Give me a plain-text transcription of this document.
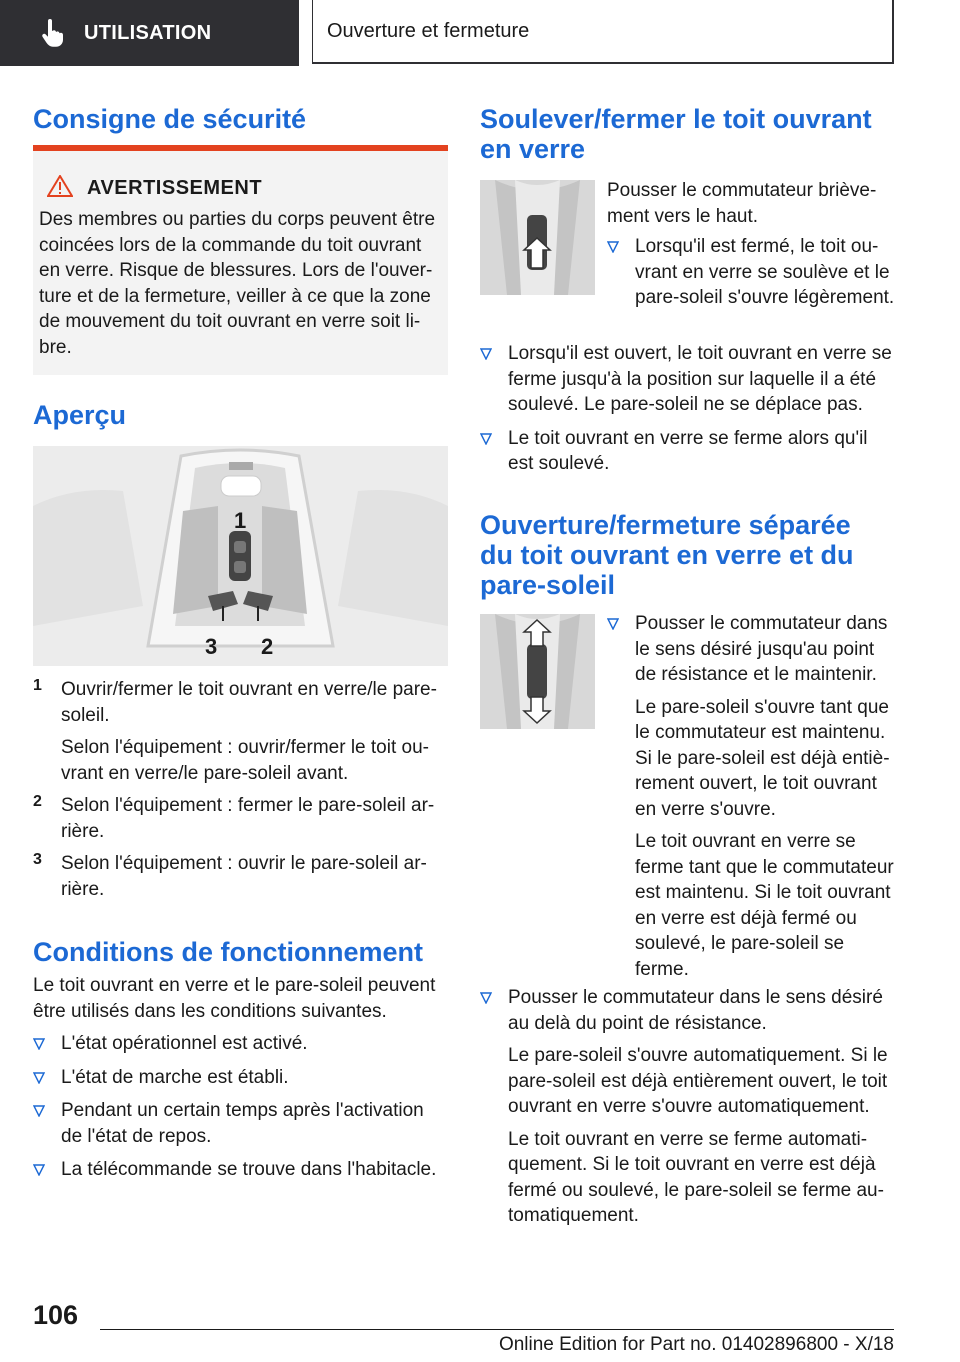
UTILISATION	Ouverture et fermeture
Consigne de sécurité
AVERTISSEMENT

Des membres ou parties du corps peuvent être coincées lors de la commande du toit ouvrant en verre. Risque de blessures. Lors de l'ouverture et de la fermeture, veiller à ce que la zone de mouvement du toit ouvrant en verre soit libre.

Aperçu
1
2
3
1 Ouvrir/fermer le toit ouvrant en verre/le pare-soleil.

Selon l'équipement : ouvrir/fermer le toit ouvrant en verre/le pare-soleil avant.

2 Selon l'équipement : fermer le pare-soleil arrière.

3 Selon l'équipement : ouvrir le pare-soleil arrière.

Conditions de fonctionnement

Le toit ouvrant en verre et le pare-soleil peuvent être utilisés dans les conditions suivantes.

L'état opérationnel est activé.
L'état de marche est établi.
Pendant un certain temps après l'activation de l'état de repos.
La télécommande se trouve dans l'habitacle.
Soulever/fermer le toit ouvrant en verre

Pousser le commutateur brièvement vers le haut.

Lorsqu'il est fermé, le toit ouvrant en verre se soulève et le pare-soleil s'ouvre légèrement.
Lorsqu'il est ouvert, le toit ouvrant en verre se ferme jusqu'à la position sur laquelle il a été soulevé. Le pare-soleil ne se déplace pas.
Le toit ouvrant en verre se ferme alors qu'il est soulevé.
Ouverture/fermeture séparée du toit ouvrant en verre et du pare-soleil

Pousser le commutateur dans le sens désiré jusqu'au point de résistance et le maintenir.

Le pare-soleil s'ouvre tant que le commutateur est maintenu. Si le pare-soleil est déjà entièrement ouvert, le toit ouvrant en verre s'ouvre.

Le toit ouvrant en verre se ferme tant que le commutateur est maintenu. Si le toit ouvrant en verre est déjà fermé ou soulevé, le pare-soleil se ferme.

Pousser le commutateur dans le sens désiré au delà du point de résistance.

Le pare-soleil s'ouvre automatiquement. Si le pare-soleil est déjà entièrement ouvert, le toit ouvrant en verre s'ouvre automatiquement.

Le toit ouvrant en verre se ferme automatiquement. Si le toit ouvrant en verre est déjà fermé ou soulevé, le pare-soleil se ferme automatiquement.

106
Online Edition for Part no. 01402896800 - X/18
